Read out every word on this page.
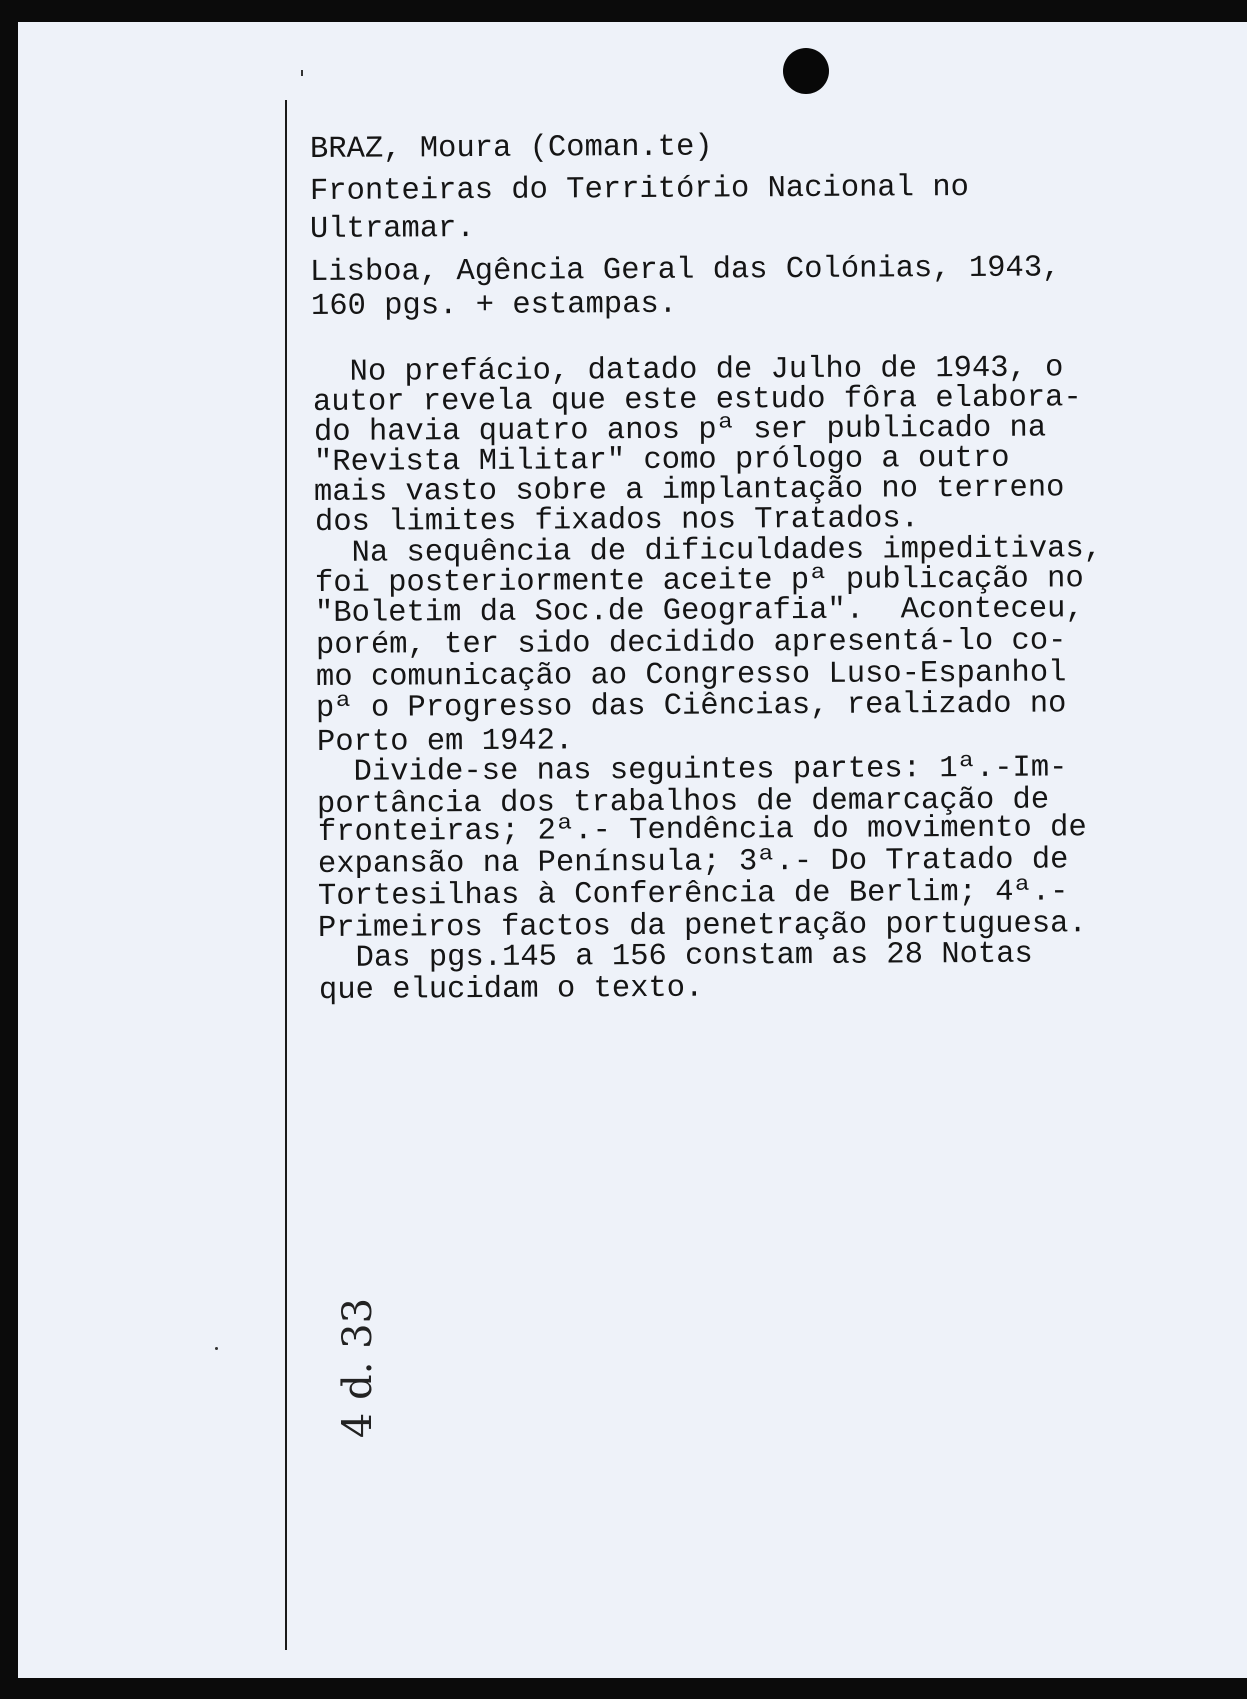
4 d. 33
BRAZ, Moura (Coman.te)
Fronteiras do Território Nacional no
Ultramar.
Lisboa, Agência Geral das Colónias, 1943,
160 pgs. + estampas.
No prefácio, datado de Julho de 1943, o
autor revela que este estudo fôra elabora-
do havia quatro anos pª ser publicado na
"Revista Militar" como prólogo a outro
mais vasto sobre a implantação no terreno
dos limites fixados nos Tratados.
Na sequência de dificuldades impeditivas,
foi posteriormente aceite pª publicação no
"Boletim da Soc.de Geografia".  Aconteceu,
porém, ter sido decidido apresentá-lo co-
mo comunicação ao Congresso Luso-Espanhol
pª o Progresso das Ciências, realizado no
Porto em 1942.
Divide-se nas seguintes partes: 1ª.-Im-
portância dos trabalhos de demarcação de
fronteiras; 2ª.- Tendência do movimento de
expansão na Península; 3ª.- Do Tratado de
Tortesilhas à Conferência de Berlim; 4ª.-
Primeiros factos da penetração portuguesa.
Das pgs.145 a 156 constam as 28 Notas
que elucidam o texto.
